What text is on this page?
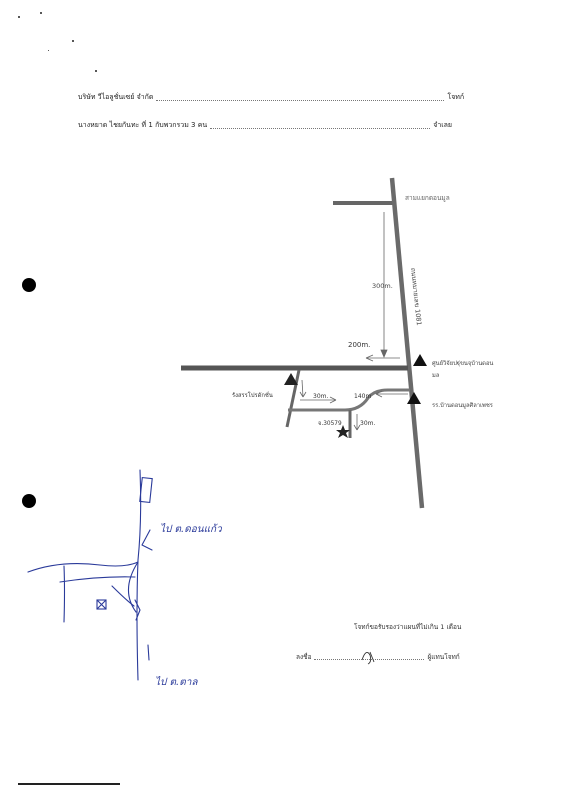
บริษัท วีไอลูชั่นเซย์ จำกัด	โจทก์
นางหยาด ไชยกันทะ ที่ 1 กับพวกรวม 3 คน	จำเลย
สามแยกดอนมูล
ถนนหมายเลข 1081
300m.
200m.
ศูนย์วิจัยปฐุ่ขนจุบ้านดอน
มล
รร.บ้านดอนมูลศิลาเพชร
รังสรรโปรดักชั่น	30m.	140m
จ.30579	30m.
ไป ต.ดอนแก้ว
ไป ต.ตาล
โจทก์ขอรับรองว่าแผนที่ไม่เกิน 1 เดือน
ลงชื่อ	ผู้แทนโจทก์
